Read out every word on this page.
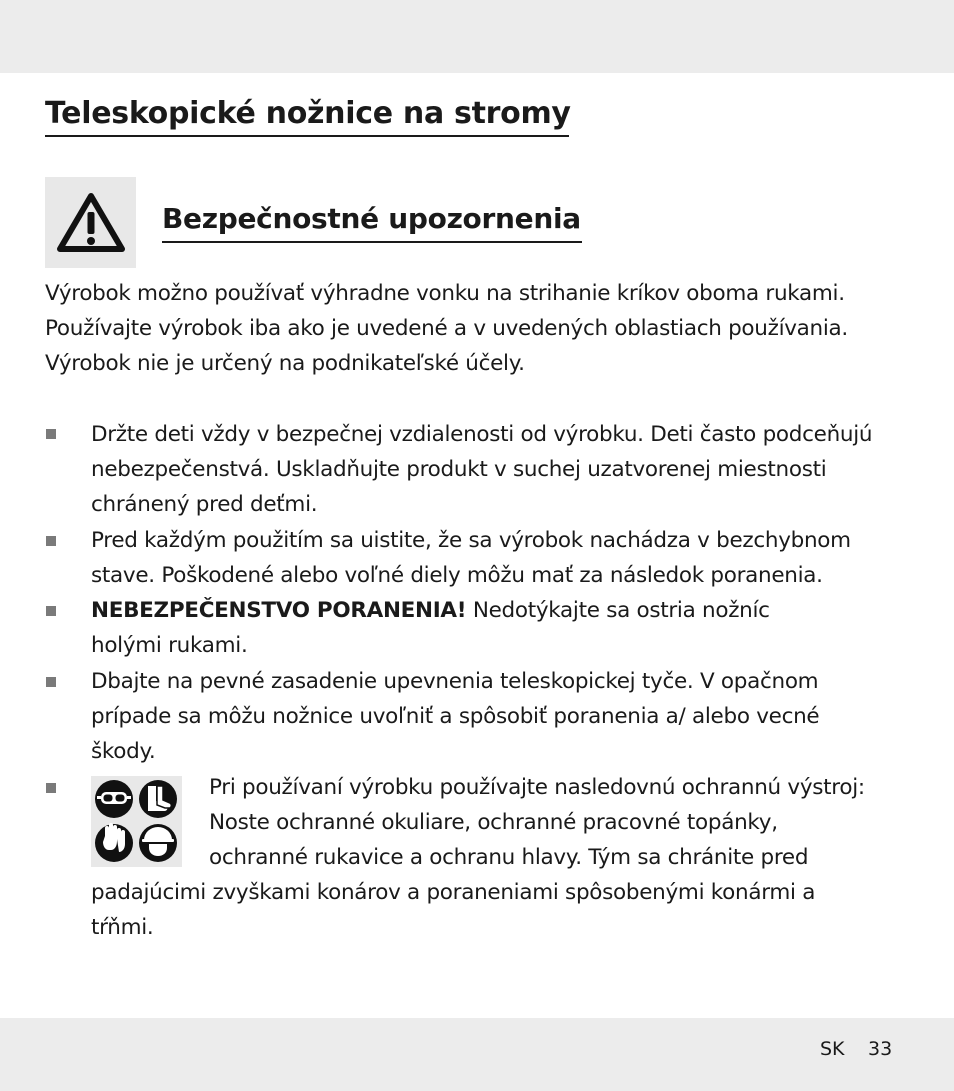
Teleskopické nožnice na stromy
Bezpečnostné upozornenia
Výrobok možno používať výhradne vonku na strihanie kríkov oboma rukami.
Používajte výrobok iba ako je uvedené a v uvedených oblastiach používania.
Výrobok nie je určený na podnikateľské účely.
Držte deti vždy v bezpečnej vzdialenosti od výrobku. Deti často podceňujú
nebezpečenstvá. Uskladňujte produkt v suchej uzatvorenej miestnosti
chránený pred deťmi.
Pred každým použitím sa uistite, že sa výrobok nachádza v bezchybnom
stave. Poškodené alebo voľné diely môžu mať za následok poranenia.
NEBEZPEČENSTVO PORANENIA! Nedotýkajte sa ostria nožníc
holými rukami.
Dbajte na pevné zasadenie upevnenia teleskopickej tyče. V opačnom
prípade sa môžu nožnice uvoľniť a spôsobiť poranenia a/ alebo vecné
škody.
Pri používaní výrobku používajte nasledovnú ochrannú výstroj:
Noste ochranné okuliare, ochranné pracovné topánky,
ochranné rukavice a ochranu hlavy. Tým sa chránite pred
padajúcimi zvyškami konárov a poraneniami spôsobenými konármi a
tŕňmi.
SK 33
